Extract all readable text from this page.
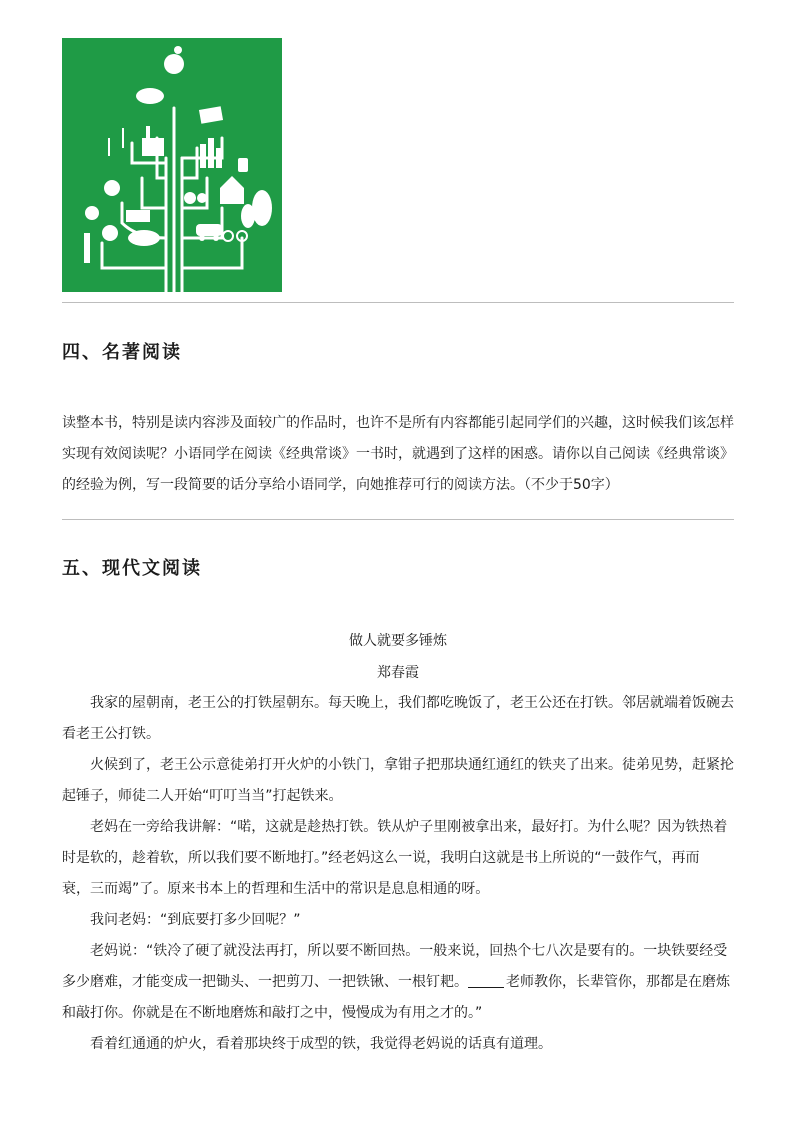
四、名著阅读
读整本书，特别是读内容涉及面较广的作品时，也许不是所有内容都能引起同学们的兴趣，这时候我们该怎样
实现有效阅读呢？小语同学在阅读《经典常谈》一书时，就遇到了这样的困惑。请你以自己阅读《经典常谈》
的经验为例，写一段简要的话分享给小语同学，向她推荐可行的阅读方法。（不少于50字）
五、现代文阅读
做人就要多锤炼
郑春霞
我家的屋朝南，老王公的打铁屋朝东。每天晚上，我们都吃晚饭了，老王公还在打铁。邻居就端着饭碗去
看老王公打铁。
火候到了，老王公示意徒弟打开火炉的小铁门，拿钳子把那块通红通红的铁夹了出来。徒弟见势，赶紧抡
起锤子，师徒二人开始“叮叮当当”打起铁来。
老妈在一旁给我讲解：“喏，这就是趁热打铁。铁从炉子里刚被拿出来，最好打。为什么呢？因为铁热着
时是软的，趁着软，所以我们要不断地打。”经老妈这么一说，我明白这就是书上所说的“一鼓作气，再而
衰，三而竭”了。原来书本上的哲理和生活中的常识是息息相通的呀。
我问老妈：“到底要打多少回呢？”
老妈说：“铁冷了硬了就没法再打，所以要不断回热。一般来说，回热个七八次是要有的。一块铁要经受
多少磨难，才能变成一把锄头、一把剪刀、一把铁锹、一根钉耙。	老师教你，长辈管你，那都是在磨炼
和敲打你。你就是在不断地磨炼和敲打之中，慢慢成为有用之才的。”
看着红通通的炉火，看着那块终于成型的铁，我觉得老妈说的话真有道理。
